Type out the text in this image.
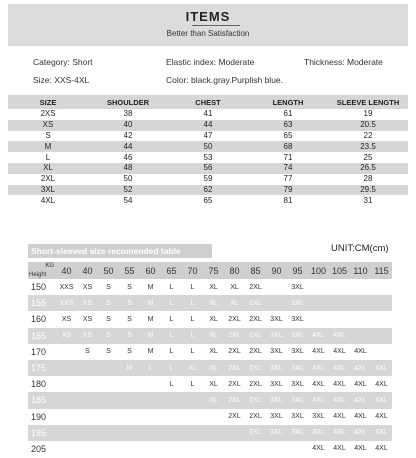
ITEMS
Better than Satisfaction
Category: Short	Elastic index: Moderate	Thickness: Moderate
Size: XXS-4XL	Color: black.gray.Purplish blue.
SIZE	SHOULDER	CHEST	LENGTH	SLEEVE LENGTH
2XS	38	41	61	19
XS	40	44	63	20.5
S	42	47	65	22
M	44	50	68	23.5
L	46	53	71	25
XL	48	56	74	26.5
2XL	50	59	77	28
3XL	52	62	79	29.5
4XL	54	65	81	31
Short-sleeved size recomended table	UNIT:CM(cm)
KG
Height	40	40	50	55	60	65	70	75	80	85	90	95	100	105	110	115
150	XXS	XS	S	S	M	L	L	XL	XL	2XL		3XL				
155	XXS	XS	S	S	M	L	L	XL	XL	2XL		3XL				
160	XS	XS	S	S	M	L	L	XL	2XL	2XL	3XL	3XL				
165	XS	XS	S	S	M	L	L	XL	2XL	2XL	3XL	3XL	4XL	4XL		
170		S	S	S	M	L	L	XL	2XL	2XL	3XL	3XL	4XL	4XL	4XL	
175				M	L	L	XL	XL	2XL	2XL	3XL	3XL	4XL	4XL	4XL	4XL
180						L	L	XL	2XL	2XL	3XL	3XL	4XL	4XL	4XL	4XL
185								XL	2XL	2XL	3XL	3XL	4XL	4XL	4XL	4XL
190									2XL	2XL	3XL	3XL	3XL	4XL	4XL	4XL
195										2XL	3XL	3XL	3XL	4XL	4XL	4XL
205													4XL	4XL	4XL	4XL
